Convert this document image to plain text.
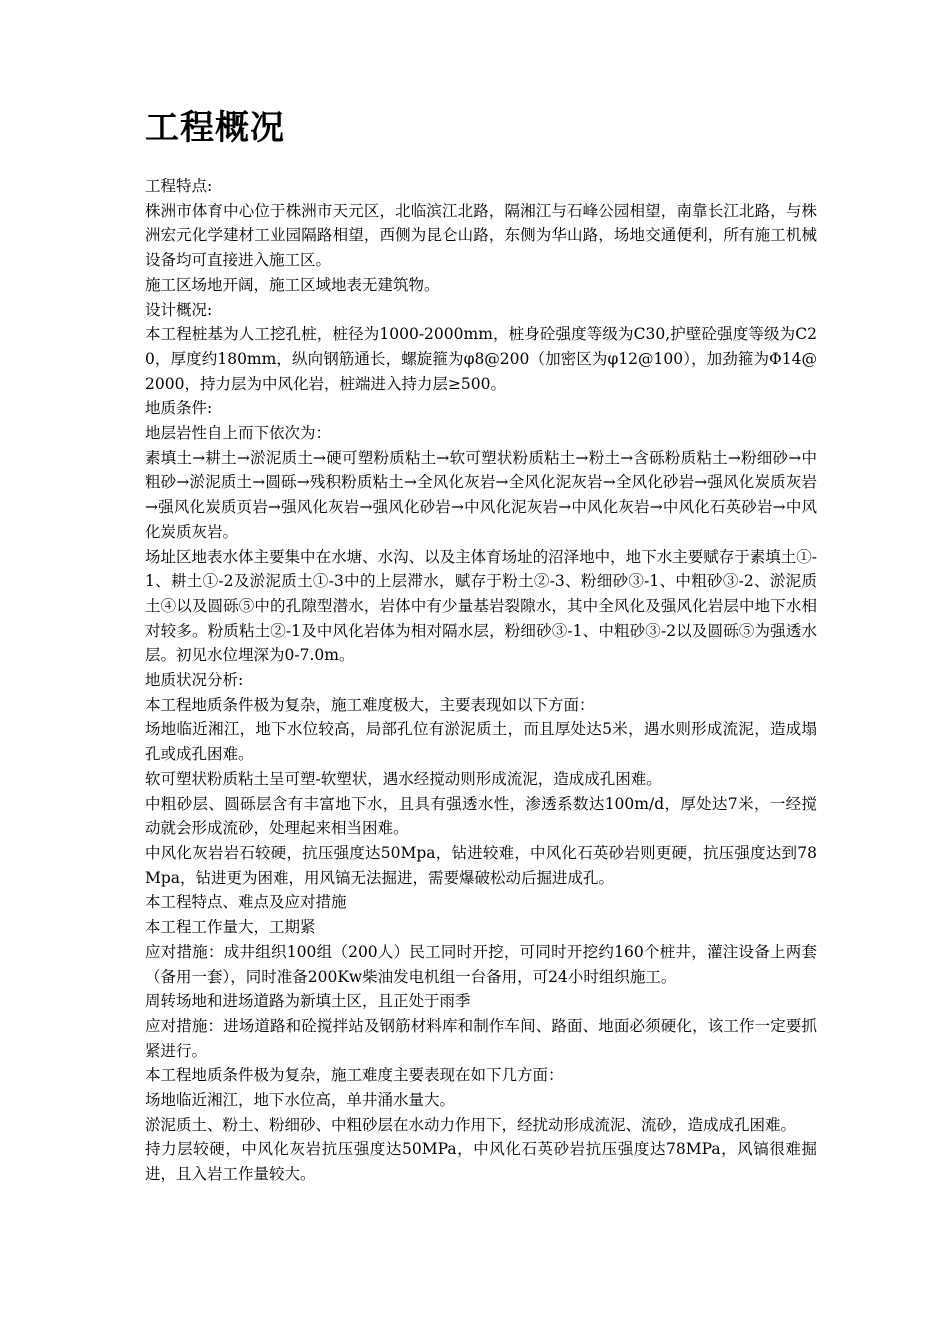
工程概况

工程特点:

株洲市体育中心位于株洲市天元区，北临滨江北路，隔湘江与石峰公园相望，南靠长江北路，与株洲宏元化学建材工业园隔路相望，西侧为昆仑山路，东侧为华山路，场地交通便利，所有施工机械设备均可直接进入施工区。

施工区场地开阔，施工区域地表无建筑物。

设计概况:

本工程桩基为人工挖孔桩，桩径为1000-2000mm，桩身砼强度等级为C30,护壁砼强度等级为C20，厚度约180mm，纵向钢筋通长，螺旋箍为φ8@200（加密区为φ12@100），加劲箍为Φ14@2000，持力层为中风化岩，桩端进入持力层≥500。

地质条件:

地层岩性自上而下依次为：

素填土→耕土→淤泥质土→硬可塑粉质粘土→软可塑状粉质粘土→粉土→含砾粉质粘土→粉细砂→中粗砂→淤泥质土→圆砾→残积粉质粘土→全风化灰岩→全风化泥灰岩→全风化砂岩→强风化炭质灰岩→强风化炭质页岩→强风化灰岩→强风化砂岩→中风化泥灰岩→中风化灰岩→中风化石英砂岩→中风化炭质灰岩。

场址区地表水体主要集中在水塘、水沟、以及主体育场址的沼泽地中，地下水主要赋存于素填土①-1、耕土①-2及淤泥质土①-3中的上层滞水，赋存于粉土②-3、粉细砂③-1、中粗砂③-2、淤泥质土④以及圆砾⑤中的孔隙型潜水，岩体中有少量基岩裂隙水，其中全风化及强风化岩层中地下水相对较多。粉质粘土②-1及中风化岩体为相对隔水层，粉细砂③-1、中粗砂③-2以及圆砾⑤为强透水层。初见水位埋深为0-7.0m。

地质状况分析:

本工程地质条件极为复杂，施工难度极大，主要表现如以下方面：

场地临近湘江，地下水位较高，局部孔位有淤泥质土，而且厚处达5米，遇水则形成流泥，造成塌孔或成孔困难。

软可塑状粉质粘土呈可塑-软塑状，遇水经搅动则形成流泥，造成成孔困难。

中粗砂层、圆砾层含有丰富地下水，且具有强透水性，渗透系数达100m/d，厚处达7米，一经搅动就会形成流砂，处理起来相当困难。

中风化灰岩岩石较硬，抗压强度达50Mpa，钻进较难，中风化石英砂岩则更硬，抗压强度达到78Mpa，钻进更为困难，用风镐无法掘进，需要爆破松动后掘进成孔。

本工程特点、难点及应对措施

本工程工作量大，工期紧

应对措施：成井组织100组（200人）民工同时开挖，可同时开挖约160个桩井，灌注设备上两套（备用一套），同时准备200Kw柴油发电机组一台备用，可24小时组织施工。

周转场地和进场道路为新填土区，且正处于雨季

应对措施：进场道路和砼搅拌站及钢筋材料库和制作车间、路面、地面必须硬化，该工作一定要抓紧进行。

本工程地质条件极为复杂，施工难度主要表现在如下几方面：

场地临近湘江，地下水位高，单井涌水量大。

淤泥质土、粉土、粉细砂、中粗砂层在水动力作用下，经扰动形成流泥、流砂，造成成孔困难。

持力层较硬，中风化灰岩抗压强度达50MPa，中风化石英砂岩抗压强度达78MPa，风镐很难掘进，且入岩工作量较大。
